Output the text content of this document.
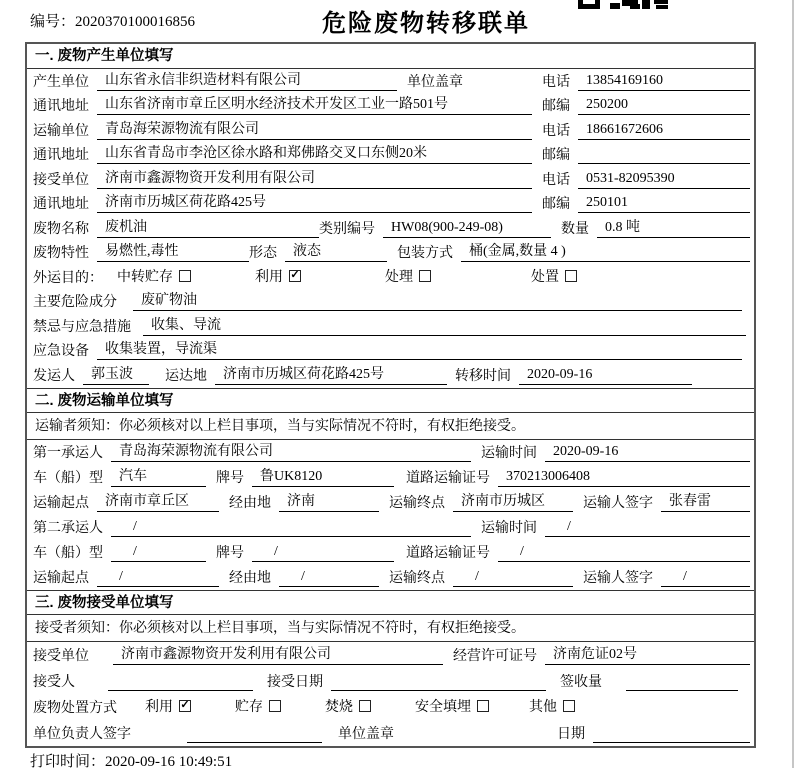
编号：2020370100016856	危险废物转移联单
一. 废物产生单位填写
产生单位	山东省永信非织造材料有限公司	单位盖章	电话	13854169160
通讯地址	山东省济南市章丘区明水经济技术开发区工业一路501号	邮编	250200
运输单位	青岛海荣源物流有限公司	电话	18661672606
通讯地址	山东省青岛市李沧区徐水路和郑佛路交叉口东侧20米	邮编
接受单位	济南市鑫源物资开发利用有限公司	电话	0531-82095390
通讯地址	济南市历城区荷花路425号	邮编	250101
废物名称	废机油	类别编号	HW08(900-249-08)	数量	0.8 吨
废物特性	易燃性,毒性	形态	液态	包装方式	桶(金属,数量 4 )
外运目的： 中转贮存	利用 ✓	处理	处置
主要危险成分	废矿物油
禁忌与应急措施	收集、导流
应急设备	收集装置，导流渠
发运人	郭玉波 运达地	济南市历城区荷花路425号	转移时间	2020-09-16
二. 废物运输单位填写
运输者须知：你必须核对以上栏目事项，当与实际情况不符时，有权拒绝接受。
第一承运人	青岛海荣源物流有限公司	运输时间	2020-09-16
车（船）型	汽车	牌号	鲁UK8120	道路运输证号	370213006408
运输起点	济南市章丘区	经由地	济南	运输终点	济南市历城区	运输人签字	张春雷
第二承运人	/	运输时间	/
车（船）型	/	牌号	/	道路运输证号	/
运输起点	/	经由地	/	运输终点	/	运输人签字	/
三. 废物接受单位填写
接受者须知：你必须核对以上栏目事项，当与实际情况不符时，有权拒绝接受。
接受单位	济南市鑫源物资开发利用有限公司	经营许可证号	济南危证02号
接受人	接受日期	签收量
废物处置方式 利用 ✓	贮存	焚烧	安全填埋	其他
单位负责人签字	单位盖章	日期
打印时间：2020-09-16 10:49:51
